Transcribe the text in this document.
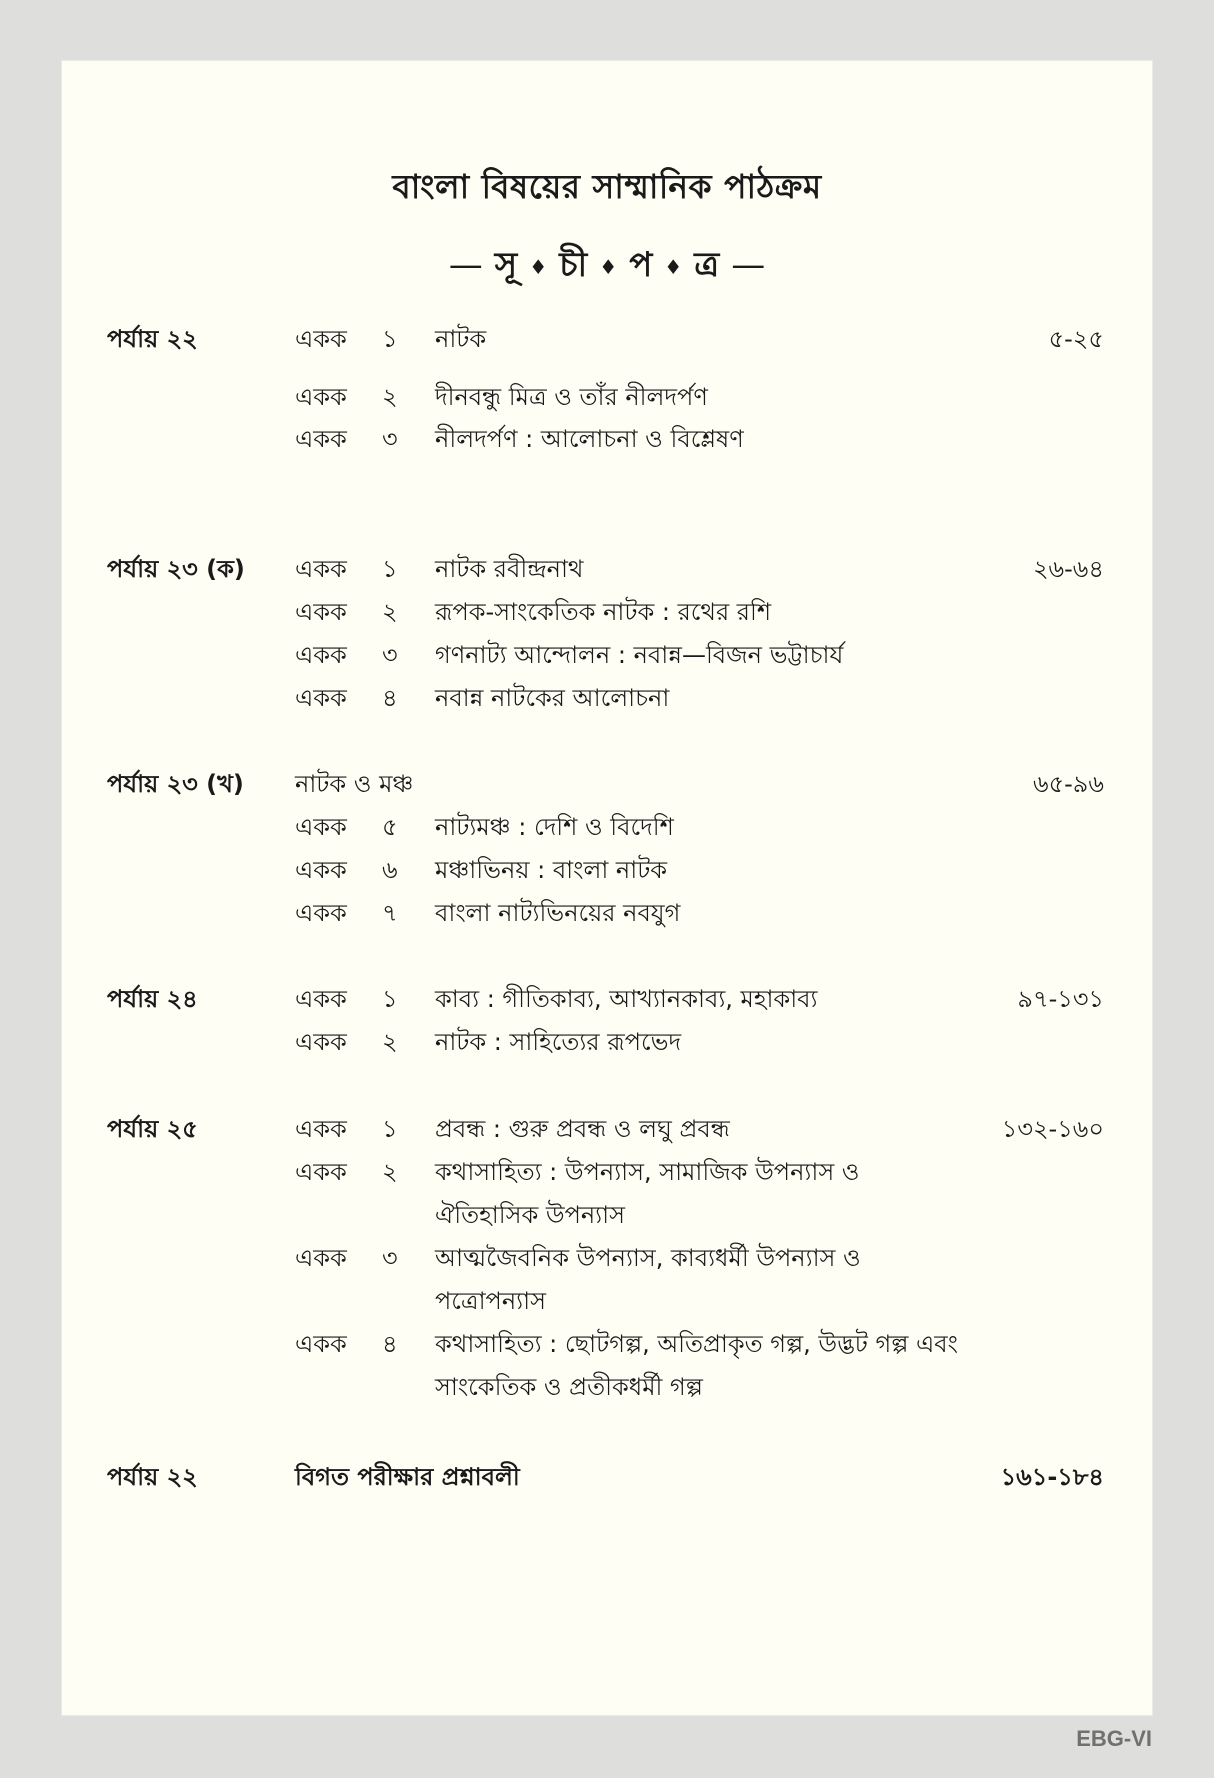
বাংলা বিষয়ের সাম্মানিক পাঠক্রম
— সূ ♦ চী ♦ প ♦ ত্র —
পর্যায় ২২	৫-২৫
একক ১ নাটক
একক ২ দীনবন্ধু মিত্র ও তাঁর নীলদর্পণ
একক ৩ নীলদর্পণ : আলোচনা ও বিশ্লেষণ
পর্যায় ২৩ (ক)	২৬-৬৪
একক ১ নাটক রবীন্দ্রনাথ
একক ২ রূপক-সাংকেতিক নাটক : রথের রশি
একক ৩ গণনাট্য আন্দোলন : নবান্ন—বিজন ভট্টাচার্য
একক ৪ নবান্ন নাটকের আলোচনা
পর্যায় ২৩ (খ) নাটক ও মঞ্চ	৬৫-৯৬
একক ৫ নাট্যমঞ্চ : দেশি ও বিদেশি
একক ৬ মঞ্চাভিনয় : বাংলা নাটক
একক ৭ বাংলা নাট্যভিনয়ের নবযুগ
পর্যায় ২৪	৯৭-১৩১
একক ১ কাব্য : গীতিকাব্য, আখ্যানকাব্য, মহাকাব্য
একক ২ নাটক : সাহিত্যের রূপভেদ
পর্যায় ২৫	১৩২-১৬০
একক ১ প্রবন্ধ : গুরু প্রবন্ধ ও লঘু প্রবন্ধ
একক ২ কথাসাহিত্য : উপন্যাস, সামাজিক উপন্যাস ও
ঐতিহাসিক উপন্যাস
একক ৩ আত্মজৈবনিক উপন্যাস, কাব্যধর্মী উপন্যাস ও
পত্রোপন্যাস
একক ৪ কথাসাহিত্য : ছোটগল্প, অতিপ্রাকৃত গল্প, উদ্ভট গল্প এবং
সাংকেতিক ও প্রতীকধর্মী গল্প
পর্যায় ২২	বিগত পরীক্ষার প্রশ্নাবলী	১৬১-১৮৪
EBG-VI
